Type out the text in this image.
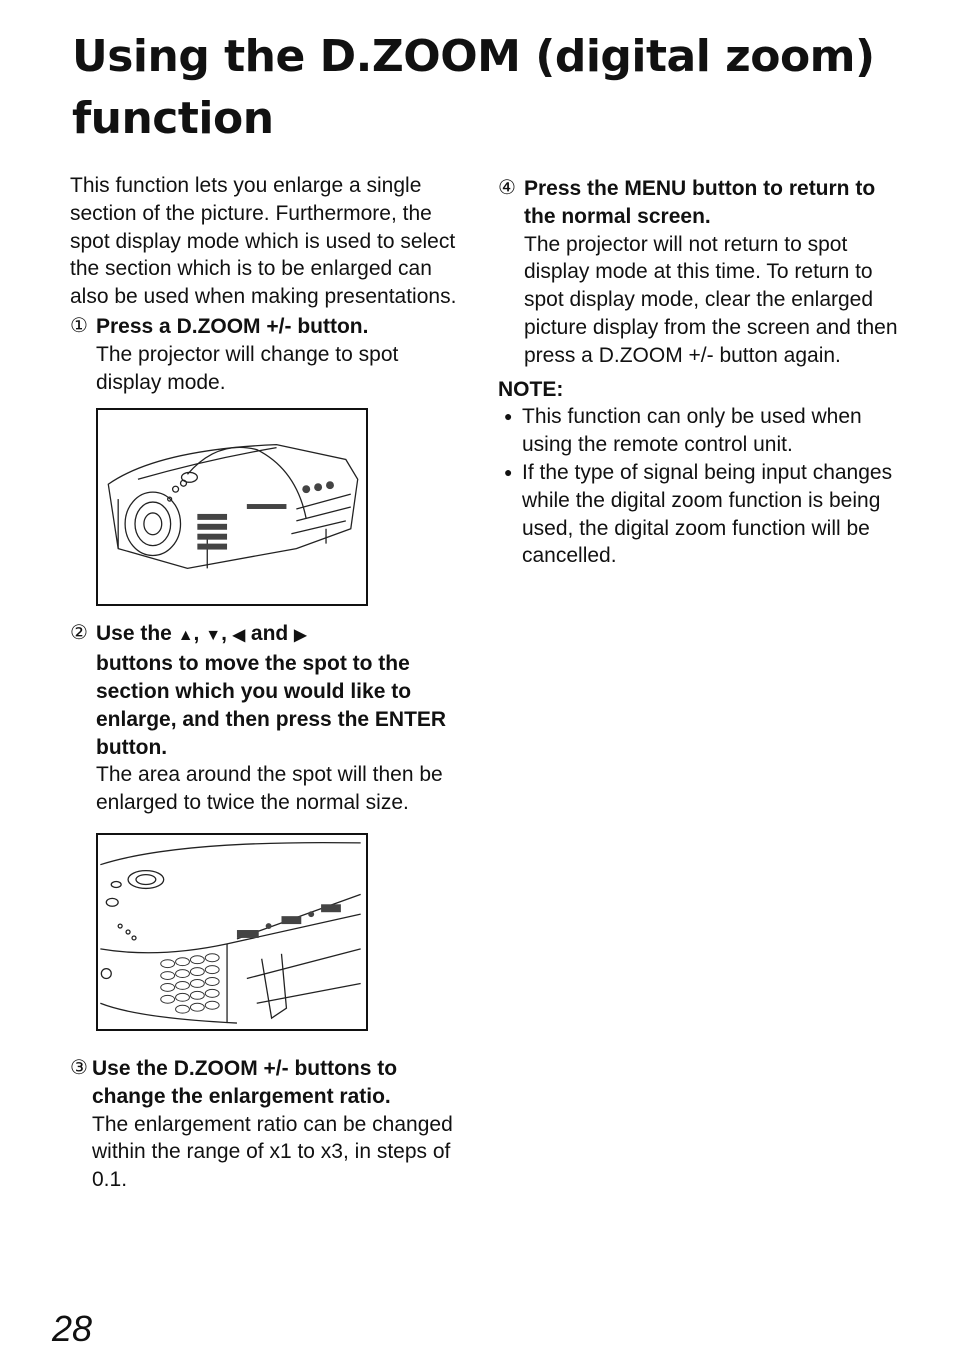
Using the D.ZOOM (digital zoom) function
This function lets you enlarge a single section of the picture. Furthermore, the spot display mode which is used to select the section which is to be enlarged can also be used when making presentations.
① Press a D.ZOOM +/- button.
The projector will change to spot display mode.
② Use the ▲, ▼, ◀ and ▶
buttons to move the spot to the section which you would like to enlarge, and then press the ENTER button.
The area around the spot will then be enlarged to twice the normal size.
③ Use the D.ZOOM +/- buttons to change the enlargement ratio.
The enlargement ratio can be changed within the range of x1 to x3, in steps of 0.1.
④ Press the MENU button to return to the normal screen.
The projector will not return to spot display mode at this time. To return to spot display mode, clear the enlarged picture display from the screen and then press a D.ZOOM +/- button again.
NOTE:
● This function can only be used when using the remote control unit.
● If the type of signal being input changes while the digital zoom function is being used, the digital zoom function will be cancelled.
28
